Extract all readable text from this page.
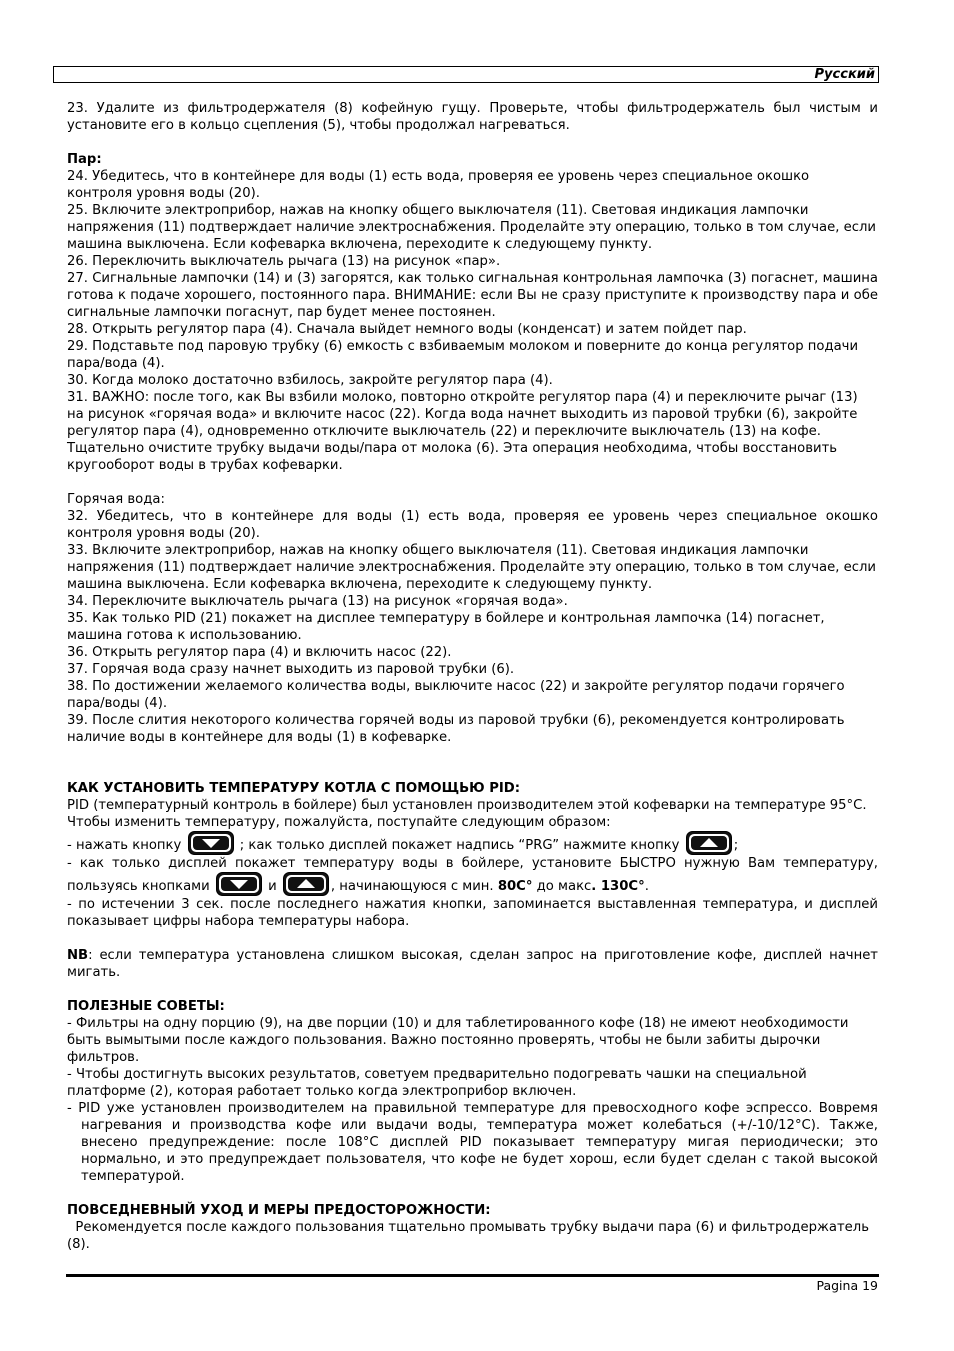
Русский

23. Удалите из фильтродержателя (8) кофейную гущу. Проверьте, чтобы фильтродержатель был чистым и установите его в кольцо сцепления (5), чтобы продолжал нагреваться.

Пар:

24. Убедитесь, что в контейнере для воды (1) есть вода, проверяя ее уровень через специальное окошко контроля уровня воды (20).

25. Включите электроприбор, нажав на кнопку общего выключателя (11). Световая индикация лампочки напряжения (11) подтверждает наличие электроснабжения. Проделайте эту операцию, только в том случае, если машина выключена. Если кофеварка включена, переходите к следующему пункту.

26. Переключить выключатель рычага (13) на рисунок «пар».

27. Сигнальные лампочки (14) и (3) загорятся, как только сигнальная контрольная лампочка (3) погаснет, машина готова к подаче хорошего, постоянного пара. ВНИМАНИЕ: если Вы не сразу приступите к производству пара и обе сигнальные лампочки погаснут, пар будет менее постоянен.

28. Открыть регулятор пара (4). Сначала выйдет немного воды (конденсат) и затем пойдет пар.

29. Подставьте под паровую трубку (6) емкость с взбиваемым молоком и поверните до конца регулятор подачи пара/вода (4).

30. Когда молоко достаточно взбилось, закройте регулятор пара (4).

31. ВАЖНО: после того, как Вы взбили молоко, повторно откройте регулятор пара (4) и переключите рычаг (13) на рисунок «горячая вода» и включите насос (22). Когда вода начнет выходить из паровой трубки (6), закройте регулятор пара (4), одновременно отключите выключатель (22) и переключите выключатель (13) на кофе. Тщательно очистите трубку выдачи воды/пара от молока (6). Эта операция необходима, чтобы восстановить кругооборот воды в трубах кофеварки.

Горячая вода:

32. Убедитесь, что в контейнере для воды (1) есть вода, проверяя ее уровень через специальное окошко контроля уровня воды (20).

33. Включите электроприбор, нажав на кнопку общего выключателя (11). Световая индикация лампочки напряжения (11) подтверждает наличие электроснабжения. Проделайте эту операцию, только в том случае, если машина выключена. Если кофеварка включена, переходите к следующему пункту.

34. Переключите выключатель рычага (13) на рисунок «горячая вода».

35. Как только PID (21) покажет на дисплее температуру в бойлере и контрольная лампочка (14) погаснет, машина готова к использованию.

36. Открыть регулятор пара (4) и включить насос (22).

37. Горячая вода сразу начнет выходить из паровой трубки (6).

38. По достижении желаемого количества воды, выключите насос (22) и закройте регулятор подачи горячего пара/воды (4).

39. После слития некоторого количества горячей воды из паровой трубки (6), рекомендуется контролировать наличие воды в контейнере для воды (1) в кофеварке.

КАК УСТАНОВИТЬ ТЕМПЕРАТУРУ КОТЛА С ПОМОЩЬЮ PID:

PID (температурный контроль в бойлере) был установлен производителем этой кофеварки на температуре 95°С. Чтобы изменить температуру, пожалуйста, поступайте следующим образом:

- нажать кнопку	; как только дисплей покажет надпись “PRG” нажмите кнопку	;

- как только дисплей покажет температуру воды в бойлере, установите БЫСТРО нужную Вам температуру, пользуясь кнопками	и	, начинающуюся с мин. 80С° до макс. 130С°.

- по истечении 3 сек. после последнего нажатия кнопки, запоминается выставленная температура, и дисплей показывает цифры набора температуры набора.

NB: если температура установлена слишком высокая, сделан запрос на приготовление кофе, дисплей начнет мигать.

ПОЛЕЗНЫЕ СОВЕТЫ:

- Фильтры на одну порцию (9), на две порции (10) и для таблетированного кофе (18) не имеют необходимости быть вымытыми после каждого пользования. Важно постоянно проверять, чтобы не были забиты дырочки фильтров.

- Чтобы достигнуть высоких результатов, советуем предварительно подогревать чашки на специальной платформе (2), которая работает только когда электроприбор включен.

- PID уже установлен производителем на правильной температуре для превосходного кофе эспрессо. Вовремя нагревания и производства кофе или выдачи воды, температура может колебаться (+/-10/12°С). Также, внесено предупреждение: после 108°С дисплей PID показывает температуру мигая периодически; это нормально, и это предупреждает пользователя, что кофе не будет хорош, если будет сделан с такой высокой температурой.

ПОВСЕДНЕВНЫЙ УХОД И МЕРЫ ПРЕДОСТОРОЖНОСТИ:

Рекомендуется после каждого пользования тщательно промывать трубку выдачи пара (6) и фильтродержатель (8).

Pagina 19
